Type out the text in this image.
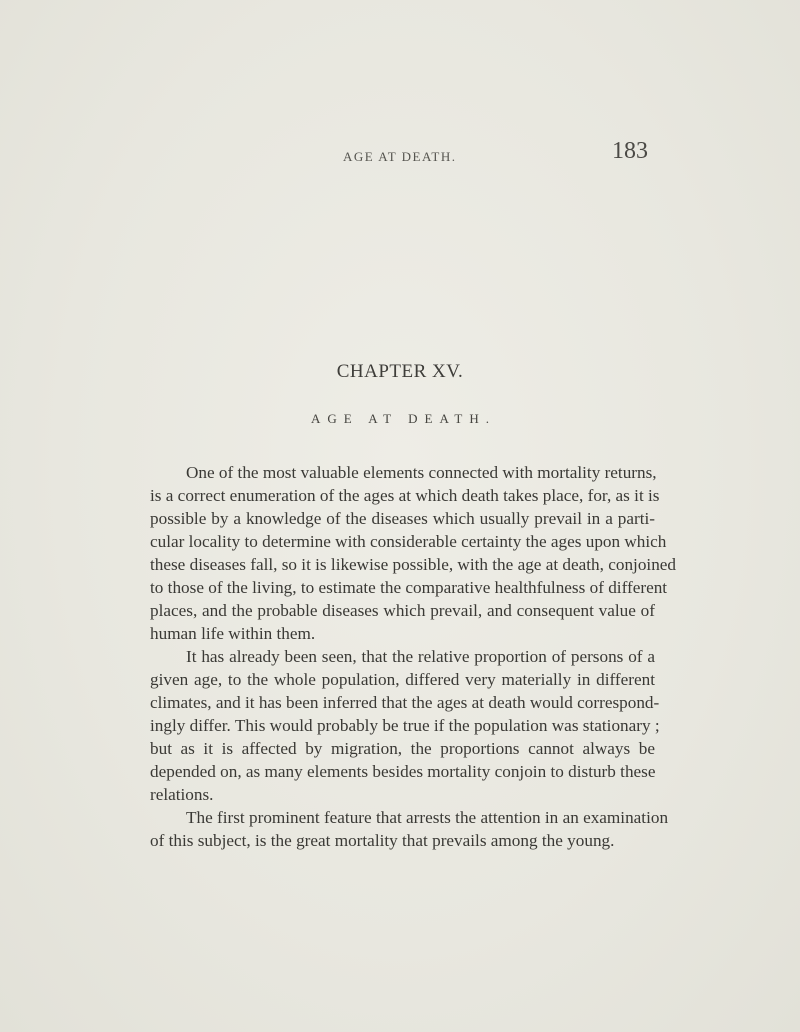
AGE AT DEATH.	183
CHAPTER XV.
AGE AT DEATH.
One of the most valuable elements connected with mortality returns,
is a correct enumeration of the ages at which death takes place, for, as it is
possible by a knowledge of the diseases which usually prevail in a parti-
cular locality to determine with considerable certainty the ages upon which
these diseases fall, so it is likewise possible, with the age at death, conjoined
to those of the living, to estimate the comparative healthfulness of different
places, and the probable diseases which prevail, and consequent value of
human life within them.
It has already been seen, that the relative proportion of persons of a
given age, to the whole population, differed very materially in different
climates, and it has been inferred that the ages at death would correspond-
ingly differ. This would probably be true if the population was stationary ;
but as it is affected by migration, the proportions cannot always be
depended on, as many elements besides mortality conjoin to disturb these
relations.
The first prominent feature that arrests the attention in an examination
of this subject, is the great mortality that prevails among the young.
